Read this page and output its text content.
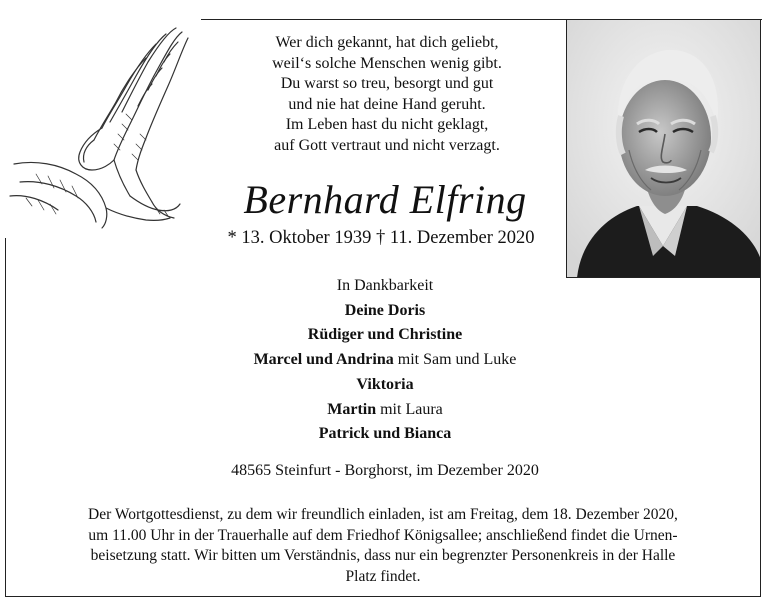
Wer dich gekannt, hat dich geliebt,
weil‘s solche Menschen wenig gibt.
Du warst so treu, besorgt und gut
und nie hat deine Hand geruht.
Im Leben hast du nicht geklagt,
auf Gott vertraut und nicht verzagt.
Bernhard Elfring
* 13. Oktober 1939 † 11. Dezember 2020
In Dankbarkeit
Deine Doris
Rüdiger und Christine
Marcel und Andrina mit Sam und Luke
Viktoria
Martin mit Laura
Patrick und Bianca
48565 Steinfurt - Borghorst, im Dezember 2020
Der Wortgottesdienst, zu dem wir freundlich einladen, ist am Freitag, dem 18. Dezember 2020,
um 11.00 Uhr in der Trauerhalle auf dem Friedhof Königsallee; anschließend findet die Urnen-
beisetzung statt. Wir bitten um Verständnis, dass nur ein begrenzter Personenkreis in der Halle
Platz findet.
